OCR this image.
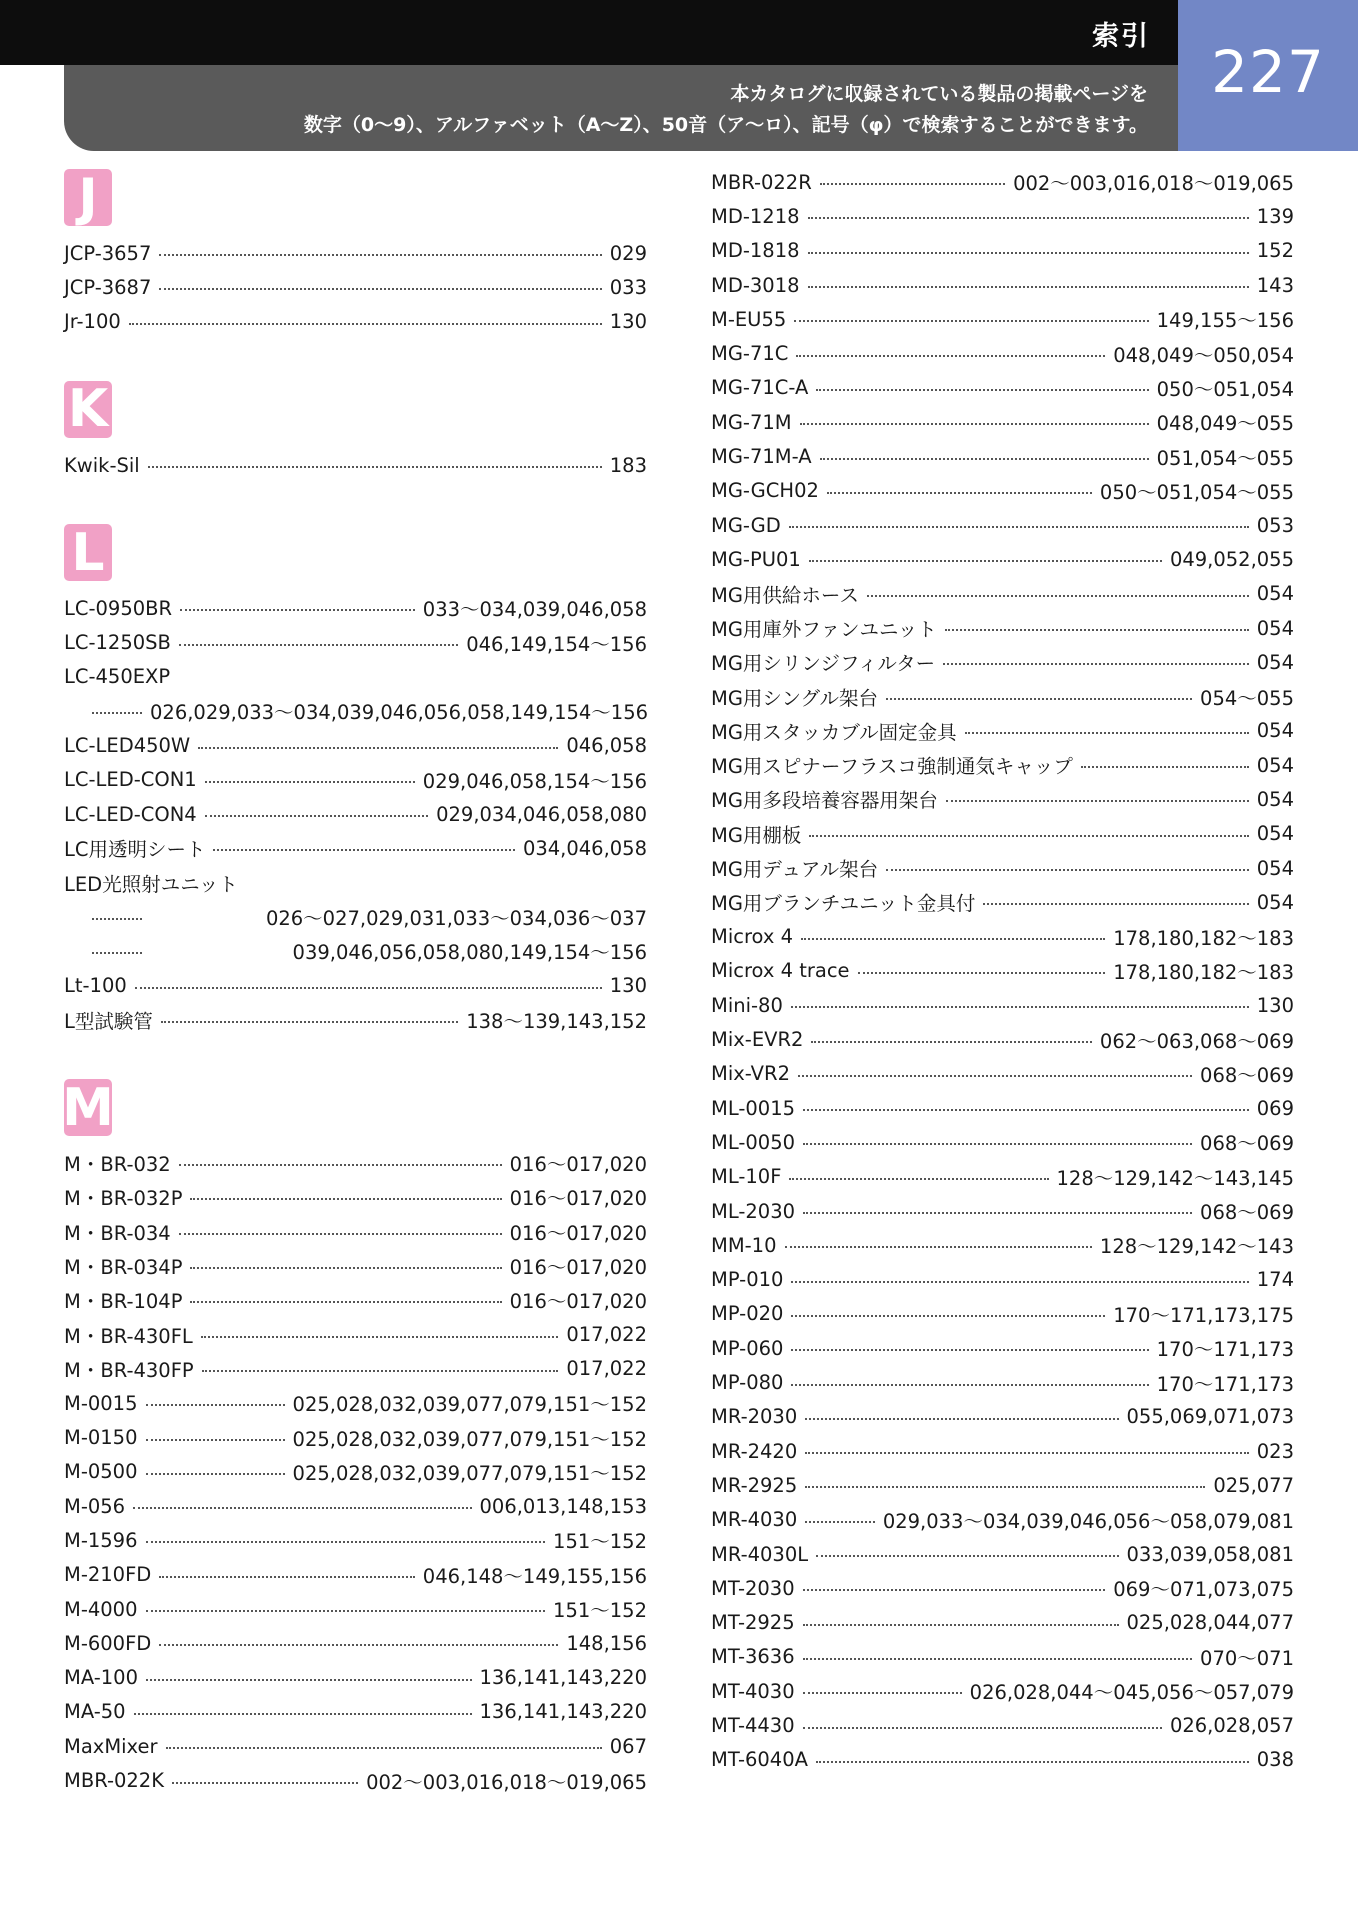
索引
本カタログに収録されている製品の掲載ページを
数字（0〜9）、アルファベット（A〜Z）、50音（ア〜ロ）、記号（φ）で検索することができます。
227
J
JCP-3657	029
JCP-3687	033
Jr-100	130
K
Kwik-Sil	183
L
LC-0950BR	033〜034,039,046,058
LC-1250SB	046,149,154〜156
LC-450EXP
026,029,033〜034,039,046,056,058,149,154〜156
LC-LED450W	046,058
LC-LED-CON1	029,046,058,154〜156
LC-LED-CON4	029,034,046,058,080
LC用透明シート	034,046,058
LED光照射ユニット
026〜027,029,031,033〜034,036〜037
039,046,056,058,080,149,154〜156
Lt-100	130
L型試験管	138〜139,143,152
M
M・BR-032	016〜017,020
M・BR-032P	016〜017,020
M・BR-034	016〜017,020
M・BR-034P	016〜017,020
M・BR-104P	016〜017,020
M・BR-430FL	017,022
M・BR-430FP	017,022
M-0015	025,028,032,039,077,079,151〜152
M-0150	025,028,032,039,077,079,151〜152
M-0500	025,028,032,039,077,079,151〜152
M-056	006,013,148,153
M-1596	151〜152
M-210FD	046,148〜149,155,156
M-4000	151〜152
M-600FD	148,156
MA-100	136,141,143,220
MA-50	136,141,143,220
MaxMixer	067
MBR-022K	002〜003,016,018〜019,065
MBR-022R	002〜003,016,018〜019,065
MD-1218	139
MD-1818	152
MD-3018	143
M-EU55	149,155〜156
MG-71C	048,049〜050,054
MG-71C-A	050〜051,054
MG-71M	048,049〜055
MG-71M-A	051,054〜055
MG-GCH02	050〜051,054〜055
MG-GD	053
MG-PU01	049,052,055
MG用供給ホース	054
MG用庫外ファンユニット	054
MG用シリンジフィルター	054
MG用シングル架台	054〜055
MG用スタッカブル固定金具	054
MG用スピナーフラスコ強制通気キャップ	054
MG用多段培養容器用架台	054
MG用棚板	054
MG用デュアル架台	054
MG用ブランチユニット金具付	054
Microx 4	178,180,182〜183
Microx 4 trace	178,180,182〜183
Mini-80	130
Mix-EVR2	062〜063,068〜069
Mix-VR2	068〜069
ML-0015	069
ML-0050	068〜069
ML-10F	128〜129,142〜143,145
ML-2030	068〜069
MM-10	128〜129,142〜143
MP-010	174
MP-020	170〜171,173,175
MP-060	170〜171,173
MP-080	170〜171,173
MR-2030	055,069,071,073
MR-2420	023
MR-2925	025,077
MR-4030	029,033〜034,039,046,056〜058,079,081
MR-4030L	033,039,058,081
MT-2030	069〜071,073,075
MT-2925	025,028,044,077
MT-3636	070〜071
MT-4030	026,028,044〜045,056〜057,079
MT-4430	026,028,057
MT-6040A	038
